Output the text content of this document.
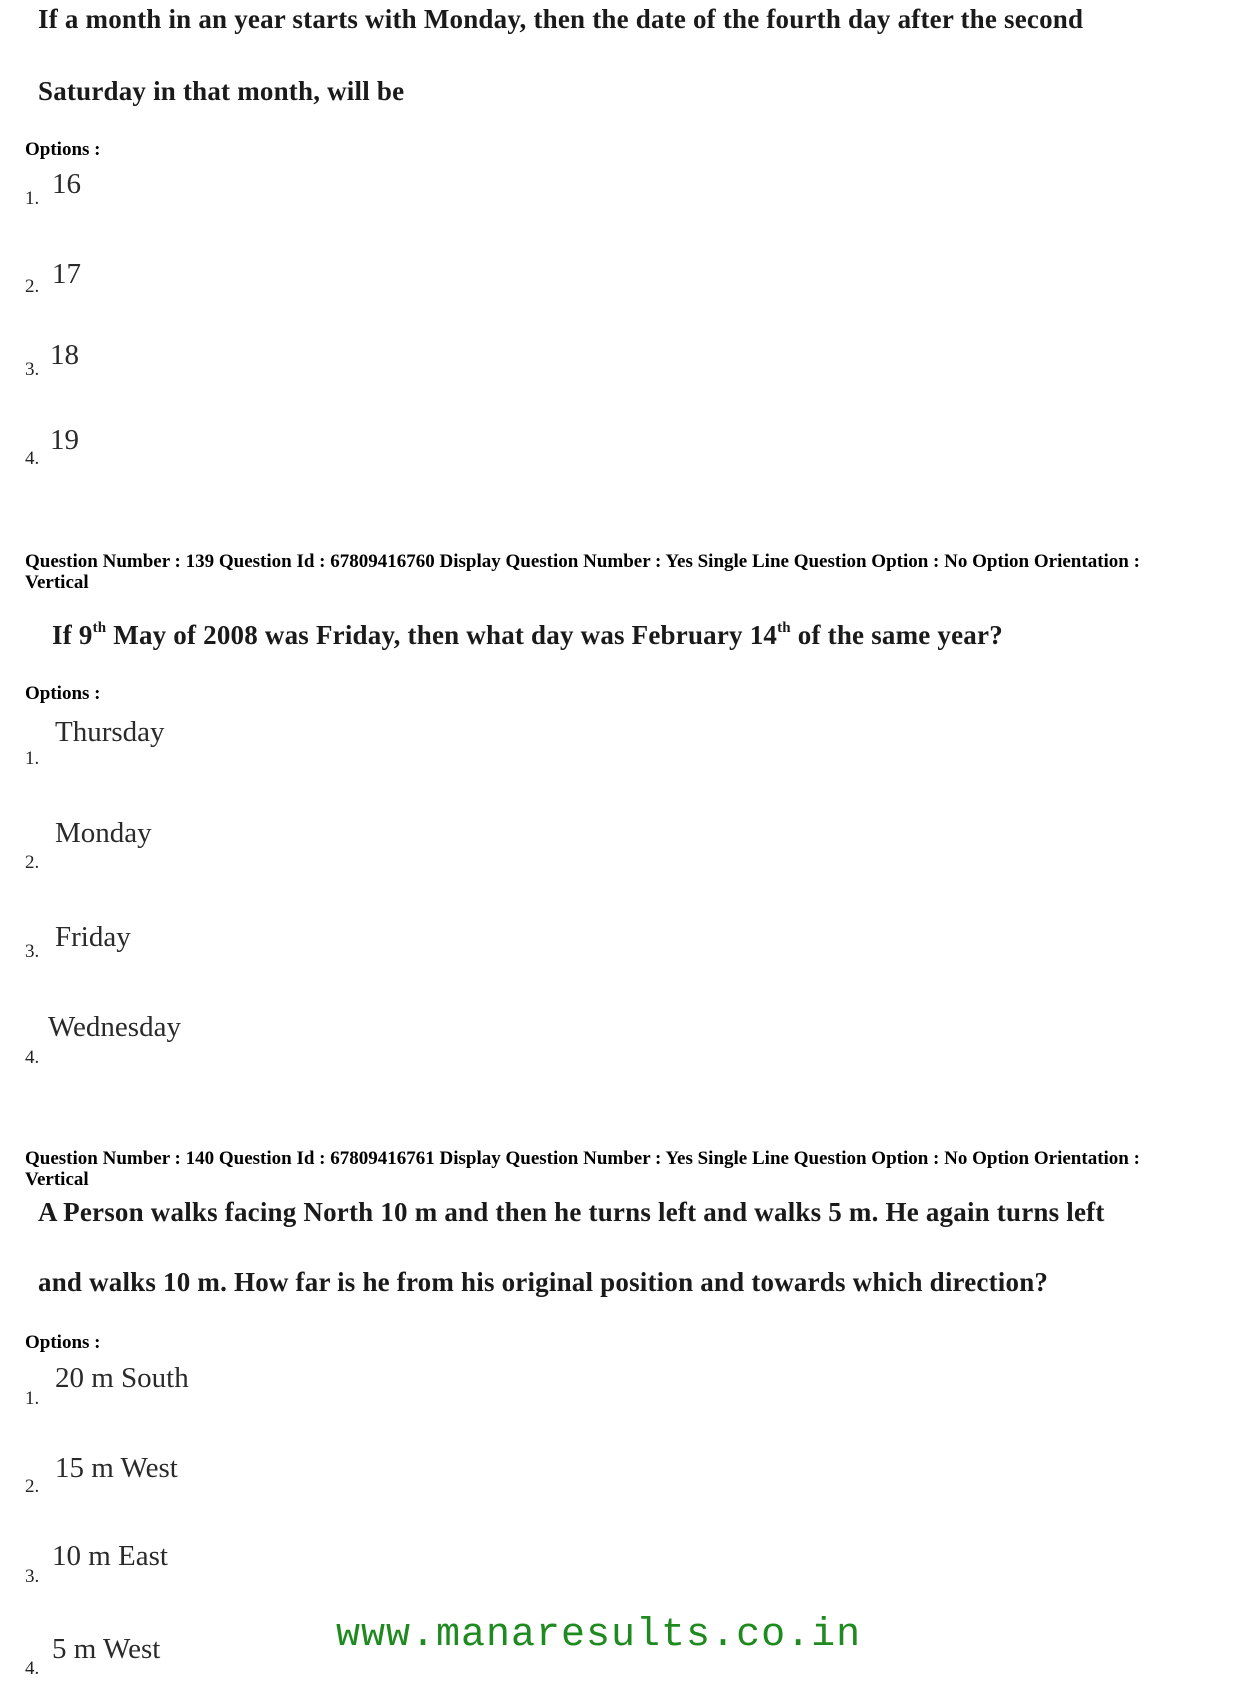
If a month in an year starts with Monday, then the date of the fourth day after the second
Saturday in that month, will be
Options :
1. 16
2. 17
3. 18
4.
19
Question Number : 139 Question Id : 67809416760 Display Question Number : Yes Single Line Question Option : No Option Orientation : Vertical
If 9th May of 2008 was Friday, then what day was February 14th of the same year?
Options :
1.
Thursday
2.
Monday
3. Friday
4.
Wednesday
Question Number : 140 Question Id : 67809416761 Display Question Number : Yes Single Line Question Option : No Option Orientation : Vertical
A Person walks facing North 10 m and then he turns left and walks 5 m. He again turns left
and walks 10 m. How far is he from his original position and towards which direction?
Options :
1.
20 m South
2.
15 m West
3.
10 m East
4.
5 m West	www.manaresults.co.in
